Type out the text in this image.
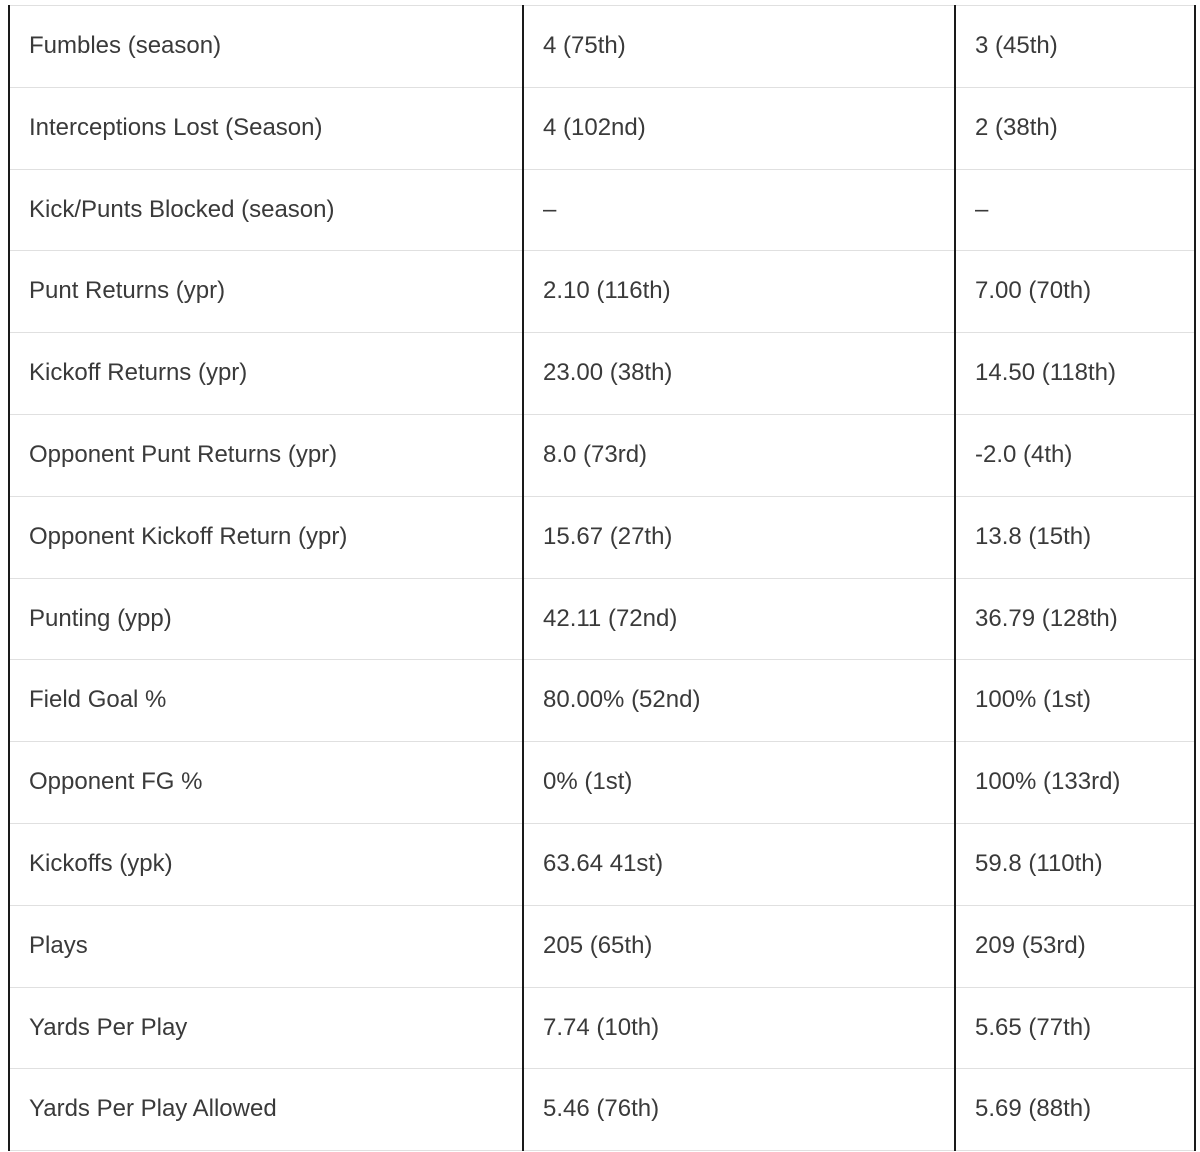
Fumbles (season)	4 (75th)	3 (45th)
Interceptions Lost (Season)	4 (102nd)	2 (38th)
Kick/Punts Blocked (season)	–	–
Punt Returns (ypr)	2.10 (116th)	7.00 (70th)
Kickoff Returns (ypr)	23.00 (38th)	14.50 (118th)
Opponent Punt Returns (ypr)	8.0 (73rd)	-2.0 (4th)
Opponent Kickoff Return (ypr)	15.67 (27th)	13.8 (15th)
Punting (ypp)	42.11 (72nd)	36.79 (128th)
Field Goal %	80.00% (52nd)	100% (1st)
Opponent FG %	0% (1st)	100% (133rd)
Kickoffs (ypk)	63.64 41st)	59.8 (110th)
Plays	205 (65th)	209 (53rd)
Yards Per Play	7.74 (10th)	5.65 (77th)
Yards Per Play Allowed	5.46 (76th)	5.69 (88th)
